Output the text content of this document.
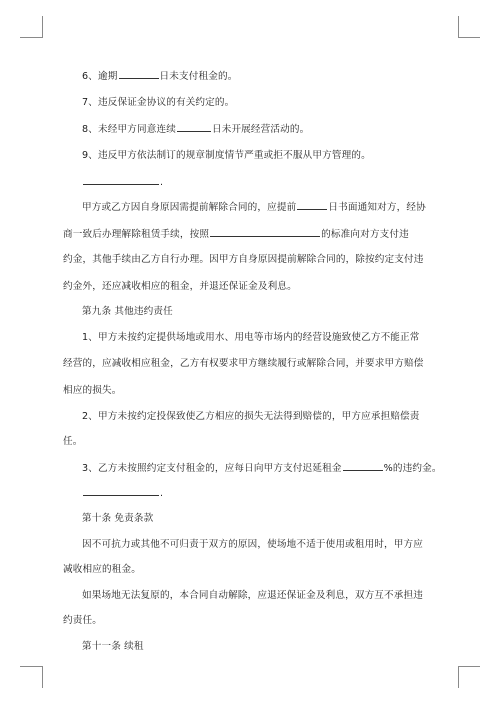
6、逾期	日未支付租金的。
7、违反保证金协议的有关约定的。
8、未经甲方同意连续	日未开展经营活动的。
9、违反甲方依法制订的规章制度情节严重或拒不服从甲方管理的。
.
甲方或乙方因自身原因需提前解除合同的，应提前	日书面通知对方，经协
商一致后办理解除租赁手续，按照	的标准向对方支付违
约金，其他手续由乙方自行办理。因甲方自身原因提前解除合同的，除按约定支付违
约金外，还应减收相应的租金，并退还保证金及利息。
第九条 其他违约责任
1、甲方未按约定提供场地或用水、用电等市场内的经营设施致使乙方不能正常
经营的，应减收相应租金，乙方有权要求甲方继续履行或解除合同，并要求甲方赔偿
相应的损失。
2、甲方未按约定投保致使乙方相应的损失无法得到赔偿的，甲方应承担赔偿责
任。
3、乙方未按照约定支付租金的，应每日向甲方支付迟延租金	%的违约金。
.
第十条 免责条款
因不可抗力或其他不可归责于双方的原因，使场地不适于使用或租用时，甲方应
减收相应的租金。
如果场地无法复原的，本合同自动解除，应退还保证金及利息，双方互不承担违
约责任。
第十一条 续租
